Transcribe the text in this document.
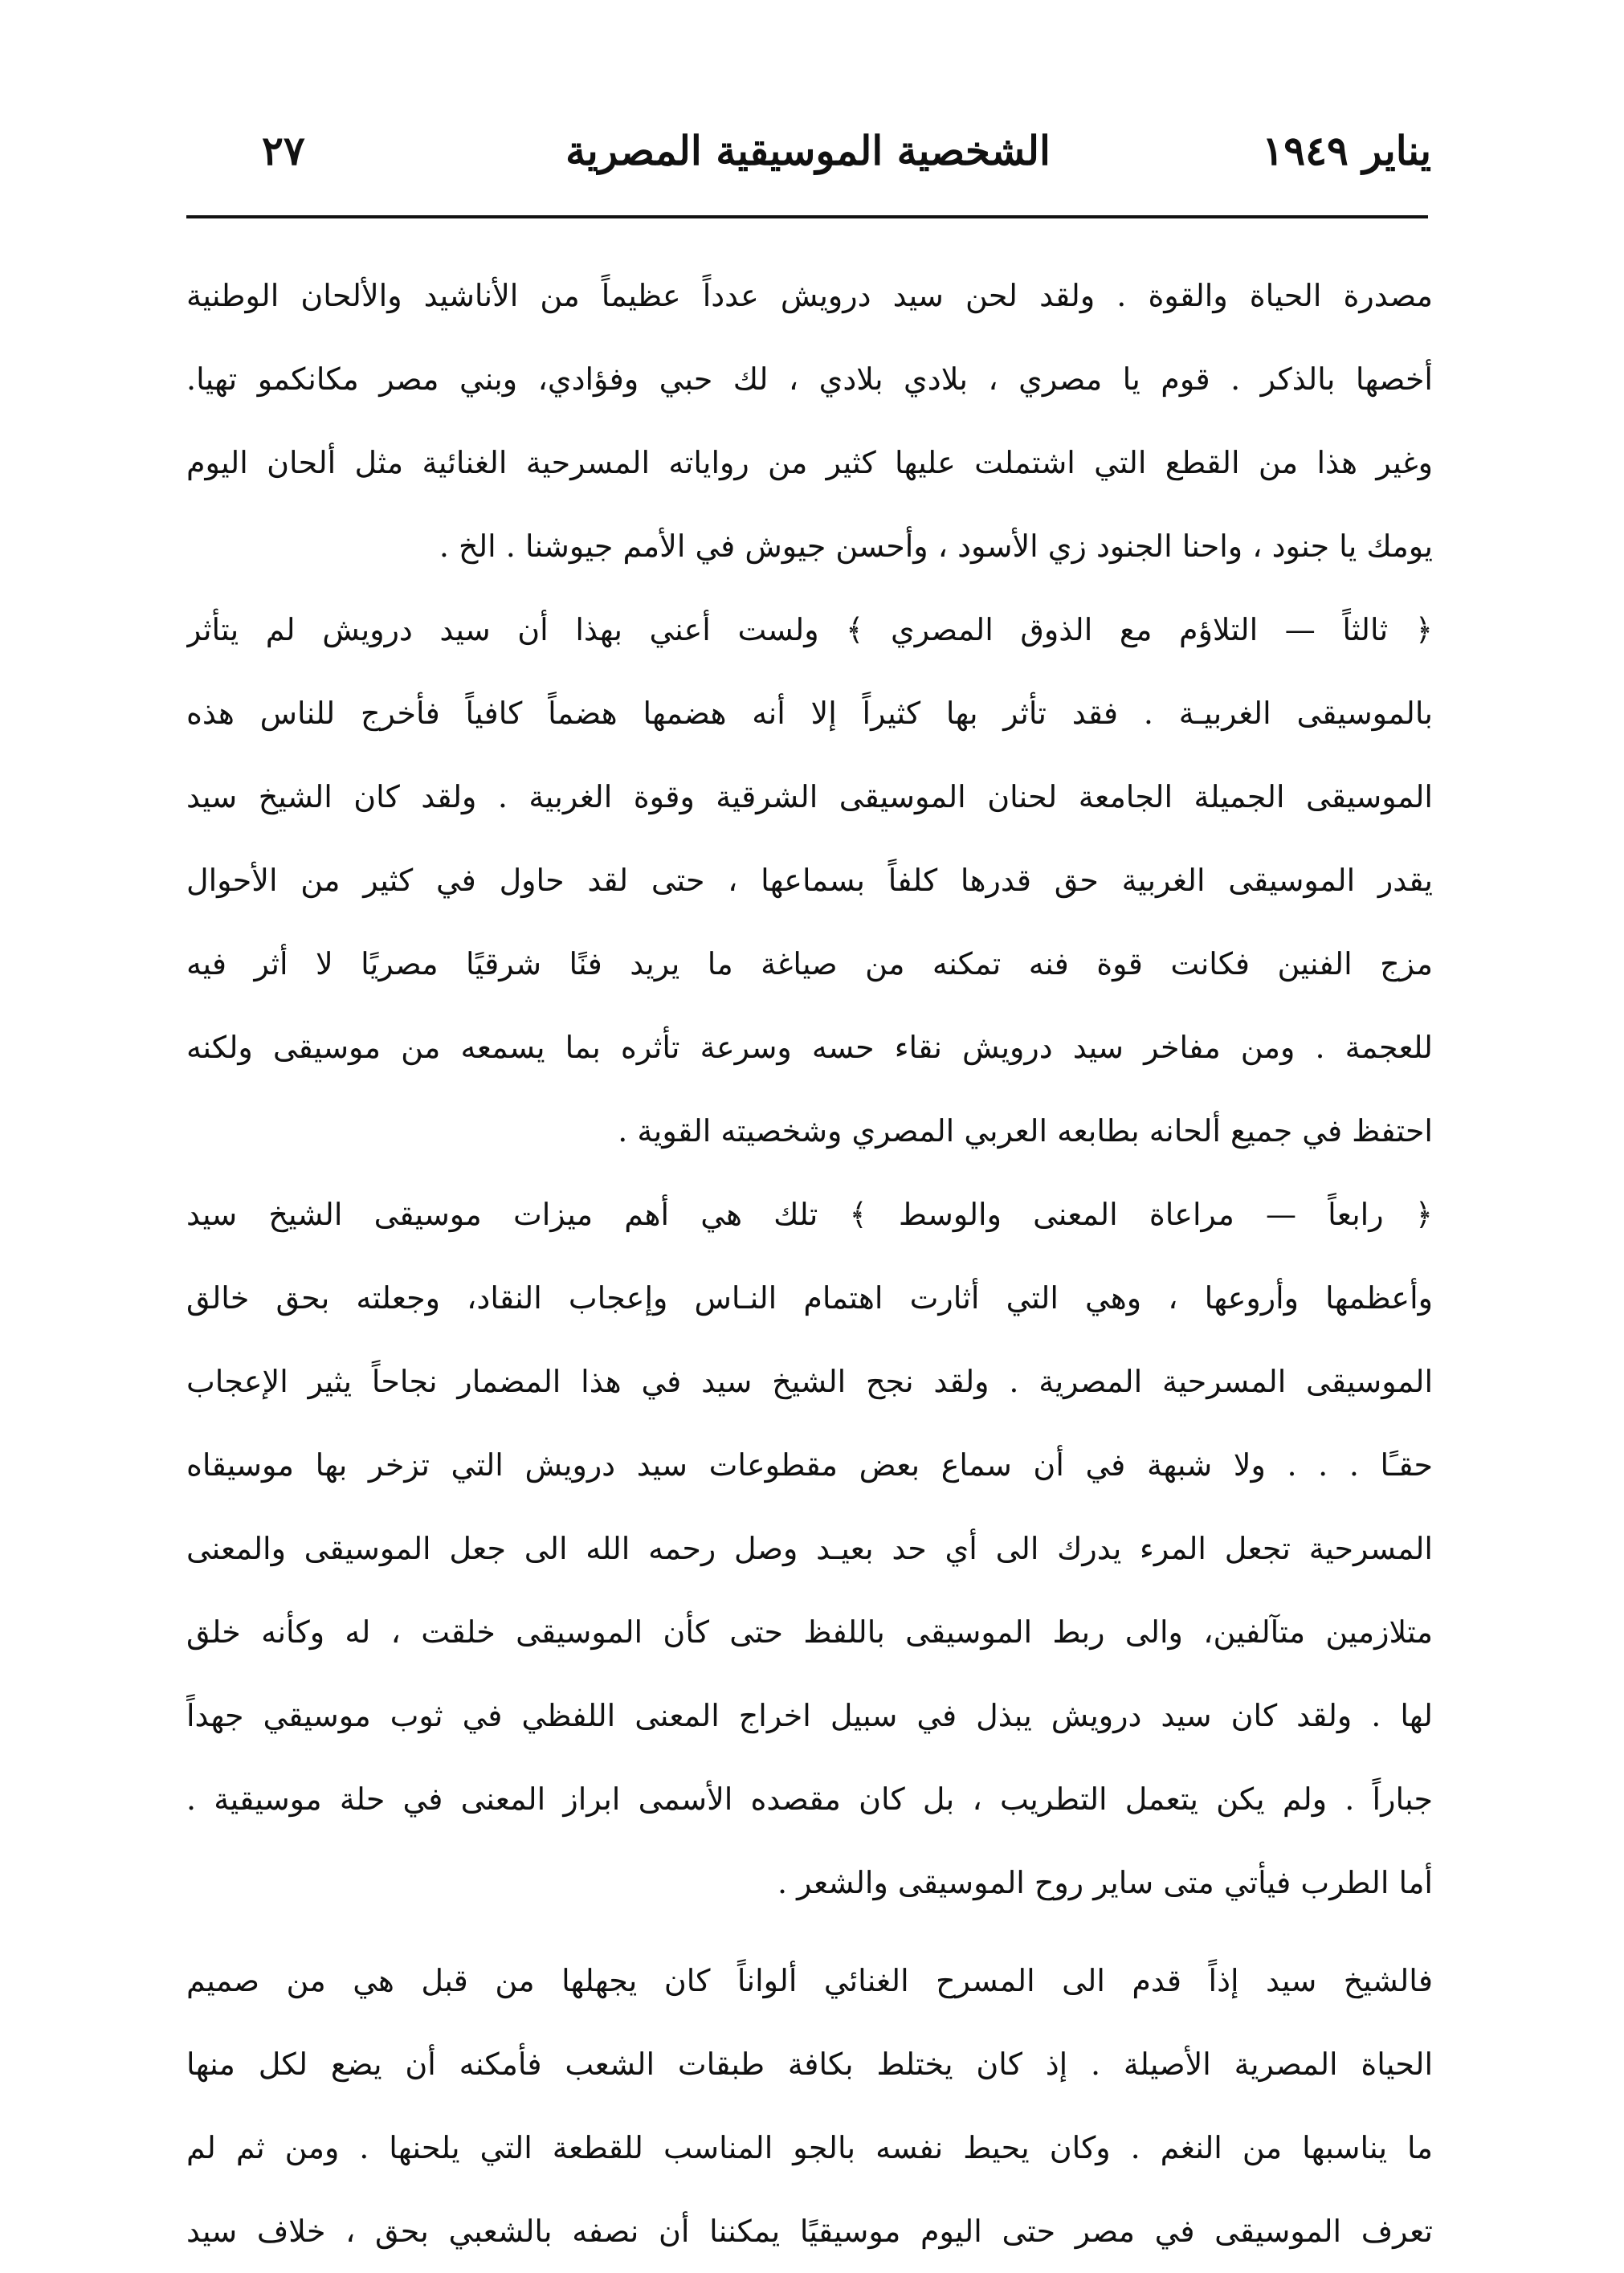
يناير ١٩٤٩
الشخصية الموسيقية المصرية
٢٧
مصدرة الحياة والقوة . ولقد لحن سيد درويش عدداً عظيماً من الأناشيد والألحان الوطنية
أخصها بالذكر . قوم يا مصري ، بلادي بلادي ، لك حبي وفؤادي، وبني مصر مكانكمو تهيا.
وغير هذا من القطع التي اشتملت عليها كثير من رواياته المسرحية الغنائية مثل ألحان اليوم
يومك يا جنود ، واحنا الجنود زي الأسود ، وأحسن جيوش في الأمم جيوشنا . الخ .
﴿ ثالثاً — التلاؤم مع الذوق المصري ﴾ ولست أعني بهذا أن سيد درويش لم يتأثر
بالموسيقى الغربيـة . فقد تأثر بها كثيراً إلا أنه هضمها هضماً كافياً فأخرج للناس هذه
الموسيقى الجميلة الجامعة لحنان الموسيقى الشرقية وقوة الغربية . ولقد كان الشيخ سيد
يقدر الموسيقى الغربية حق قدرها كلفاً بسماعها ، حتى لقد حاول في كثير من الأحوال
مزج الفنين فكانت قوة فنه تمكنه من صياغة ما يريد فنًا شرقيًا مصريًا لا أثر فيه
للعجمة . ومن مفاخر سيد درويش نقاء حسه وسرعة تأثره بما يسمعه من موسيقى ولكنه
احتفظ في جميع ألحانه بطابعه العربي المصري وشخصيته القوية .
﴿ رابعاً — مراعاة المعنى والوسط ﴾ تلك هي أهم ميزات موسيقى الشيخ سيد
وأعظمها وأروعها ، وهي التي أثارت اهتمام النـاس وإعجاب النقاد، وجعلته بحق خالق
الموسيقى المسرحية المصرية . ولقد نجح الشيخ سيد في هذا المضمار نجاحاً يثير الإعجاب
حقـًا . . . ولا شبهة في أن سماع بعض مقطوعات سيد درويش التي تزخر بها موسيقاه
المسرحية تجعل المرء يدرك الى أي حد بعيـد وصل رحمه الله الى جعل الموسيقى والمعنى
متلازمين متآلفين، والى ربط الموسيقى باللفظ حتى كأن الموسيقى خلقت ، له وكأنه خلق
لها . ولقد كان سيد درويش يبذل في سبيل اخراج المعنى اللفظي في ثوب موسيقي جهداً
جباراً . ولم يكن يتعمل التطريب ، بل كان مقصده الأسمى ابراز المعنى في حلة موسيقية .
أما الطرب فيأتي متى ساير روح الموسيقى والشعر .
فالشيخ سيد إذاً قدم الى المسرح الغنائي ألواناً كان يجهلها من قبل هي من صميم
الحياة المصرية الأصيلة . إذ كان يختلط بكافة طبقات الشعب فأمكنه أن يضع لكل منها
ما يناسبها من النغم . وكان يحيط نفسه بالجو المناسب للقطعة التي يلحنها . ومن ثم لم
تعرف الموسيقى في مصر حتى اليوم موسيقيًا يمكننا أن نصفه بالشعبي بحق ، خلاف سيد
